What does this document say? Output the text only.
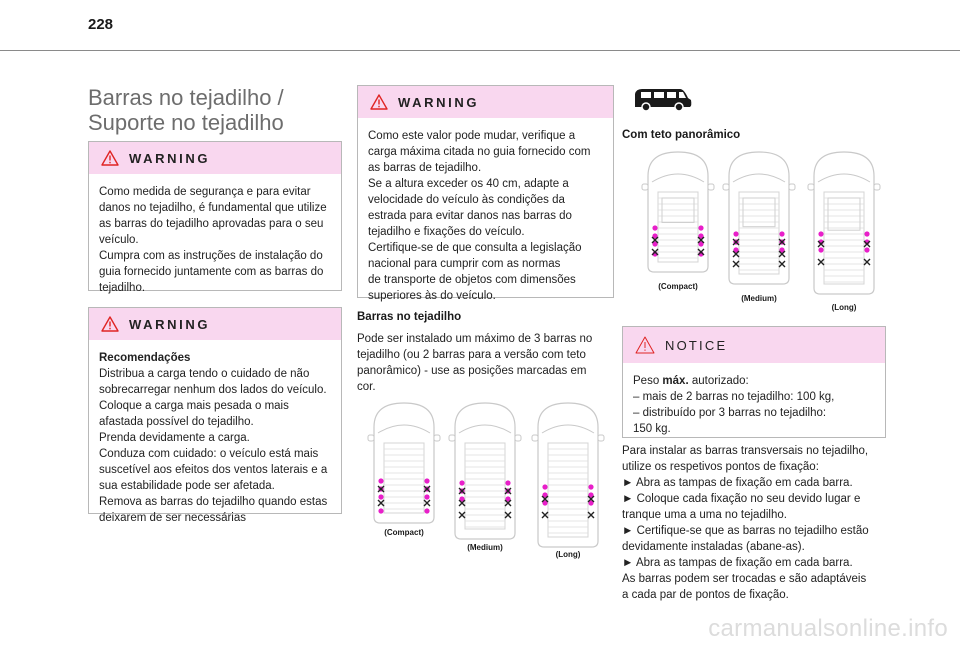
228
Barras no tejadilho /
Suporte no tejadilho
WARNING
Como medida de segurança e para evitar
danos no tejadilho, é fundamental que utilize
as barras do tejadilho aprovadas para o seu
veículo.
Cumpra com as instruções de instalação do
guia fornecido juntamente com as barras do
tejadilho.
WARNING
Recomendações
Distribua a carga tendo o cuidado de não
sobrecarregar nenhum dos lados do veículo.
Coloque a carga mais pesada o mais
afastada possível do tejadilho.
Prenda devidamente a carga.
Conduza com cuidado: o veículo está mais
suscetível aos efeitos dos ventos laterais e a
sua estabilidade pode ser afetada.
Remova as barras do tejadilho quando estas
deixarem de ser necessárias
WARNING
Como este valor pode mudar, verifique a
carga máxima citada no guia fornecido com
as barras de tejadilho.
Se a altura exceder os 40 cm, adapte a
velocidade do veículo às condições da
estrada para evitar danos nas barras do
tejadilho e fixações do veículo.
Certifique-se de que consulta a legislação
nacional para cumprir com as normas
de transporte de objetos com dimensões
superiores às do veículo.
Barras no tejadilho
Pode ser instalado um máximo de 3 barras no
tejadilho (ou 2 barras para a versão com teto
panorâmico) - use as posições marcadas em
cor.
(Compact)
(Medium)
(Long)
Com teto panorâmico
(Compact)
(Medium)
(Long)
NOTICE
Peso máx. autorizado:
– mais de 2 barras no tejadilho: 100 kg,
– distribuído por 3 barras no tejadilho:
150 kg.
Para instalar as barras transversais no tejadilho,
utilize os respetivos pontos de fixação:
► Abra as tampas de fixação em cada barra.
► Coloque cada fixação no seu devido lugar e
tranque uma a uma no tejadilho.
► Certifique-se que as barras no tejadilho estão
devidamente instaladas (abane-as).
► Abra as tampas de fixação em cada barra.
As barras podem ser trocadas e são adaptáveis
a cada par de pontos de fixação.
carmanualsonline.info
